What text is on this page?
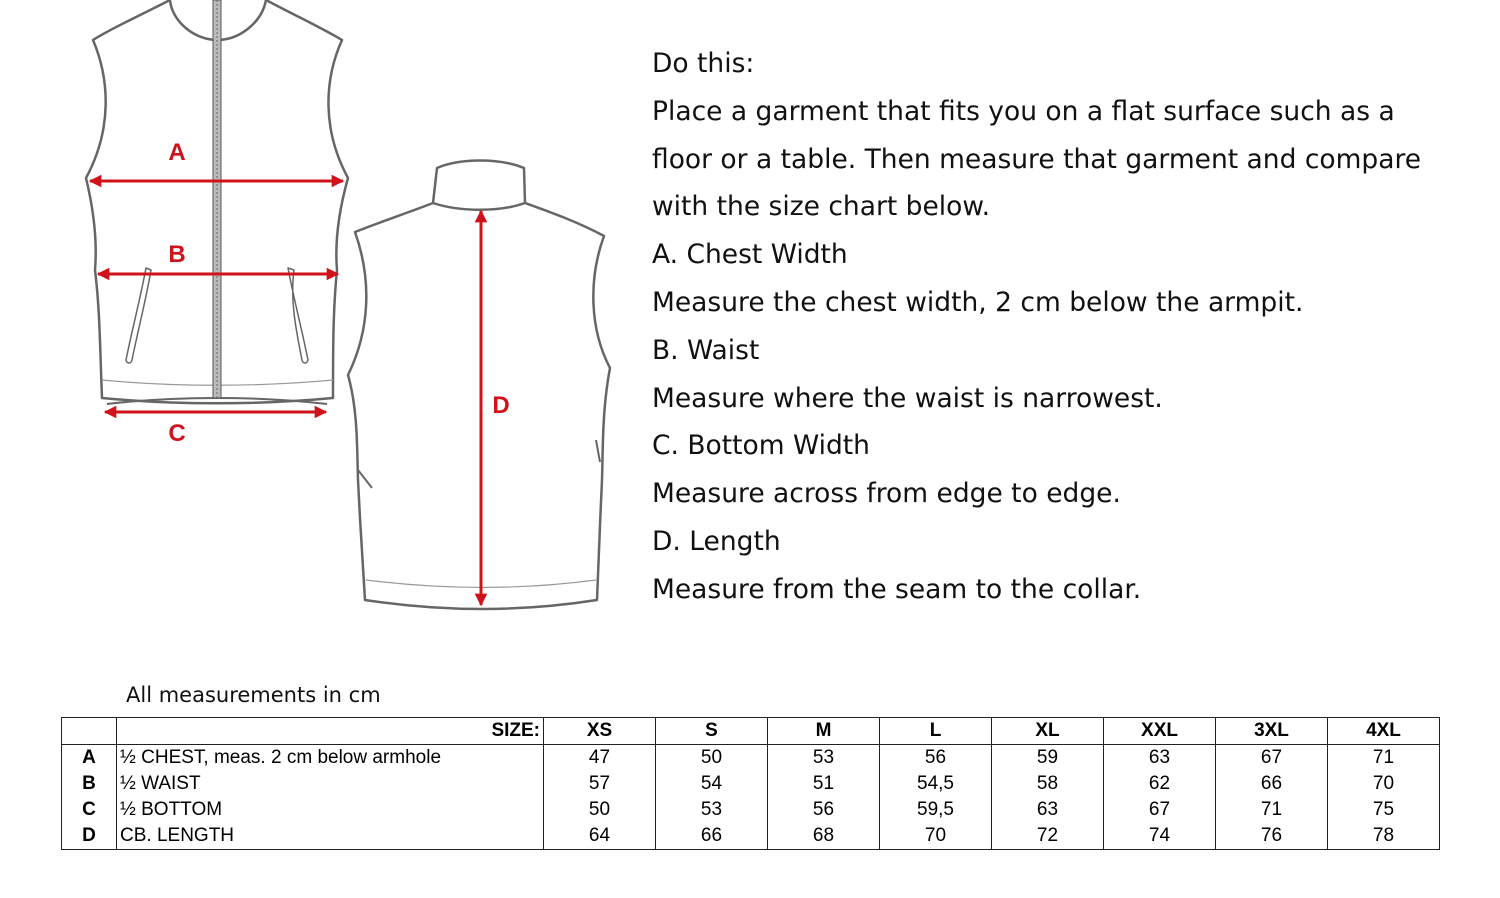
A
B
C
D

Do this:

Place a garment that fits you on a flat surface such as a

floor or a table. Then measure that garment and compare

with the size chart below.

A. Chest Width

Measure the chest width, 2 cm below the armpit.

B. Waist

Measure where the waist is narrowest.

C. Bottom Width

Measure across from edge to edge.

D. Length

Measure from the seam to the collar.

All measurements in cm
	SIZE:	XS	S	M	L	XL	XXL	3XL	4XL
A	½ CHEST, meas. 2 cm below armhole	47	50	53	56	59	63	67	71
B	½ WAIST	57	54	51	54,5	58	62	66	70
C	½ BOTTOM	50	53	56	59,5	63	67	71	75
D	CB. LENGTH	64	66	68	70	72	74	76	78
